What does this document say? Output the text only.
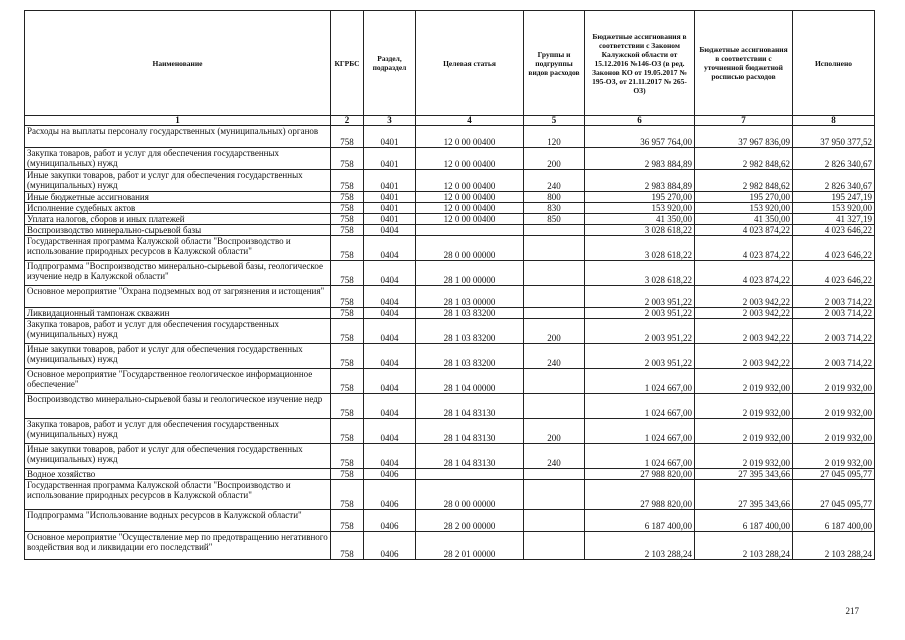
Наименование	КГРБС	Раздел, подраздел	Целевая статья	Группы и подгруппы видов расходов	Бюджетные ассигнования в соответствии с Законом Калужской области от 15.12.2016 №146-ОЗ (в ред. Законов КО от 19.05.2017 № 195-ОЗ, от 21.11.2017 № 265-ОЗ)	Бюджетные ассигнования в соответствии с уточненной бюджетной росписью расходов	Исполнено
1	2	3	4	5	6	7	8
Расходы на выплаты персоналу государственных (муниципальных) органов	758	0401	12 0 00 00400	120	36 957 764,00	37 967 836,09	37 950 377,52
Закупка товаров, работ и услуг для обеспечения государственных (муниципальных) нужд	758	0401	12 0 00 00400	200	2 983 884,89	2 982 848,62	2 826 340,67
Иные закупки товаров, работ и услуг для обеспечения государственных (муниципальных) нужд	758	0401	12 0 00 00400	240	2 983 884,89	2 982 848,62	2 826 340,67
Иные бюджетные ассигнования	758	0401	12 0 00 00400	800	195 270,00	195 270,00	195 247,19
Исполнение судебных актов	758	0401	12 0 00 00400	830	153 920,00	153 920,00	153 920,00
Уплата налогов, сборов и иных платежей	758	0401	12 0 00 00400	850	41 350,00	41 350,00	41 327,19
Воспроизводство минерально-сырьевой базы	758	0404			3 028 618,22	4 023 874,22	4 023 646,22
Государственная программа Калужской области "Воспроизводство и использование природных ресурсов в Калужской области"	758	0404	28 0 00 00000		3 028 618,22	4 023 874,22	4 023 646,22
Подпрограмма "Воспроизводство минерально-сырьевой базы, геологическое изучение недр в Калужской области"	758	0404	28 1 00 00000		3 028 618,22	4 023 874,22	4 023 646,22
Основное мероприятие "Охрана подземных вод от загрязнения и истощения"	758	0404	28 1 03 00000		2 003 951,22	2 003 942,22	2 003 714,22
Ликвидационный тампонаж скважин	758	0404	28 1 03 83200		2 003 951,22	2 003 942,22	2 003 714,22
Закупка товаров, работ и услуг для обеспечения государственных (муниципальных) нужд	758	0404	28 1 03 83200	200	2 003 951,22	2 003 942,22	2 003 714,22
Иные закупки товаров, работ и услуг для обеспечения государственных (муниципальных) нужд	758	0404	28 1 03 83200	240	2 003 951,22	2 003 942,22	2 003 714,22
Основное мероприятие "Государственное геологическое информационное обеспечение"	758	0404	28 1 04 00000		1 024 667,00	2 019 932,00	2 019 932,00
Воспроизводство минерально-сырьевой базы и геологическое изучение недр	758	0404	28 1 04 83130		1 024 667,00	2 019 932,00	2 019 932,00
Закупка товаров, работ и услуг для обеспечения государственных (муниципальных) нужд	758	0404	28 1 04 83130	200	1 024 667,00	2 019 932,00	2 019 932,00
Иные закупки товаров, работ и услуг для обеспечения государственных (муниципальных) нужд	758	0404	28 1 04 83130	240	1 024 667,00	2 019 932,00	2 019 932,00
Водное хозяйство	758	0406			27 988 820,00	27 395 343,66	27 045 095,77
Государственная программа Калужской области "Воспроизводство и использование природных ресурсов в Калужской области"	758	0406	28 0 00 00000		27 988 820,00	27 395 343,66	27 045 095,77
Подпрограмма "Использование водных ресурсов в Калужской области"	758	0406	28 2 00 00000		6 187 400,00	6 187 400,00	6 187 400,00
Основное мероприятие "Осуществление мер по предотвращению негативного воздействия вод и ликвидации его последствий"	758	0406	28 2 01 00000		2 103 288,24	2 103 288,24	2 103 288,24
217
